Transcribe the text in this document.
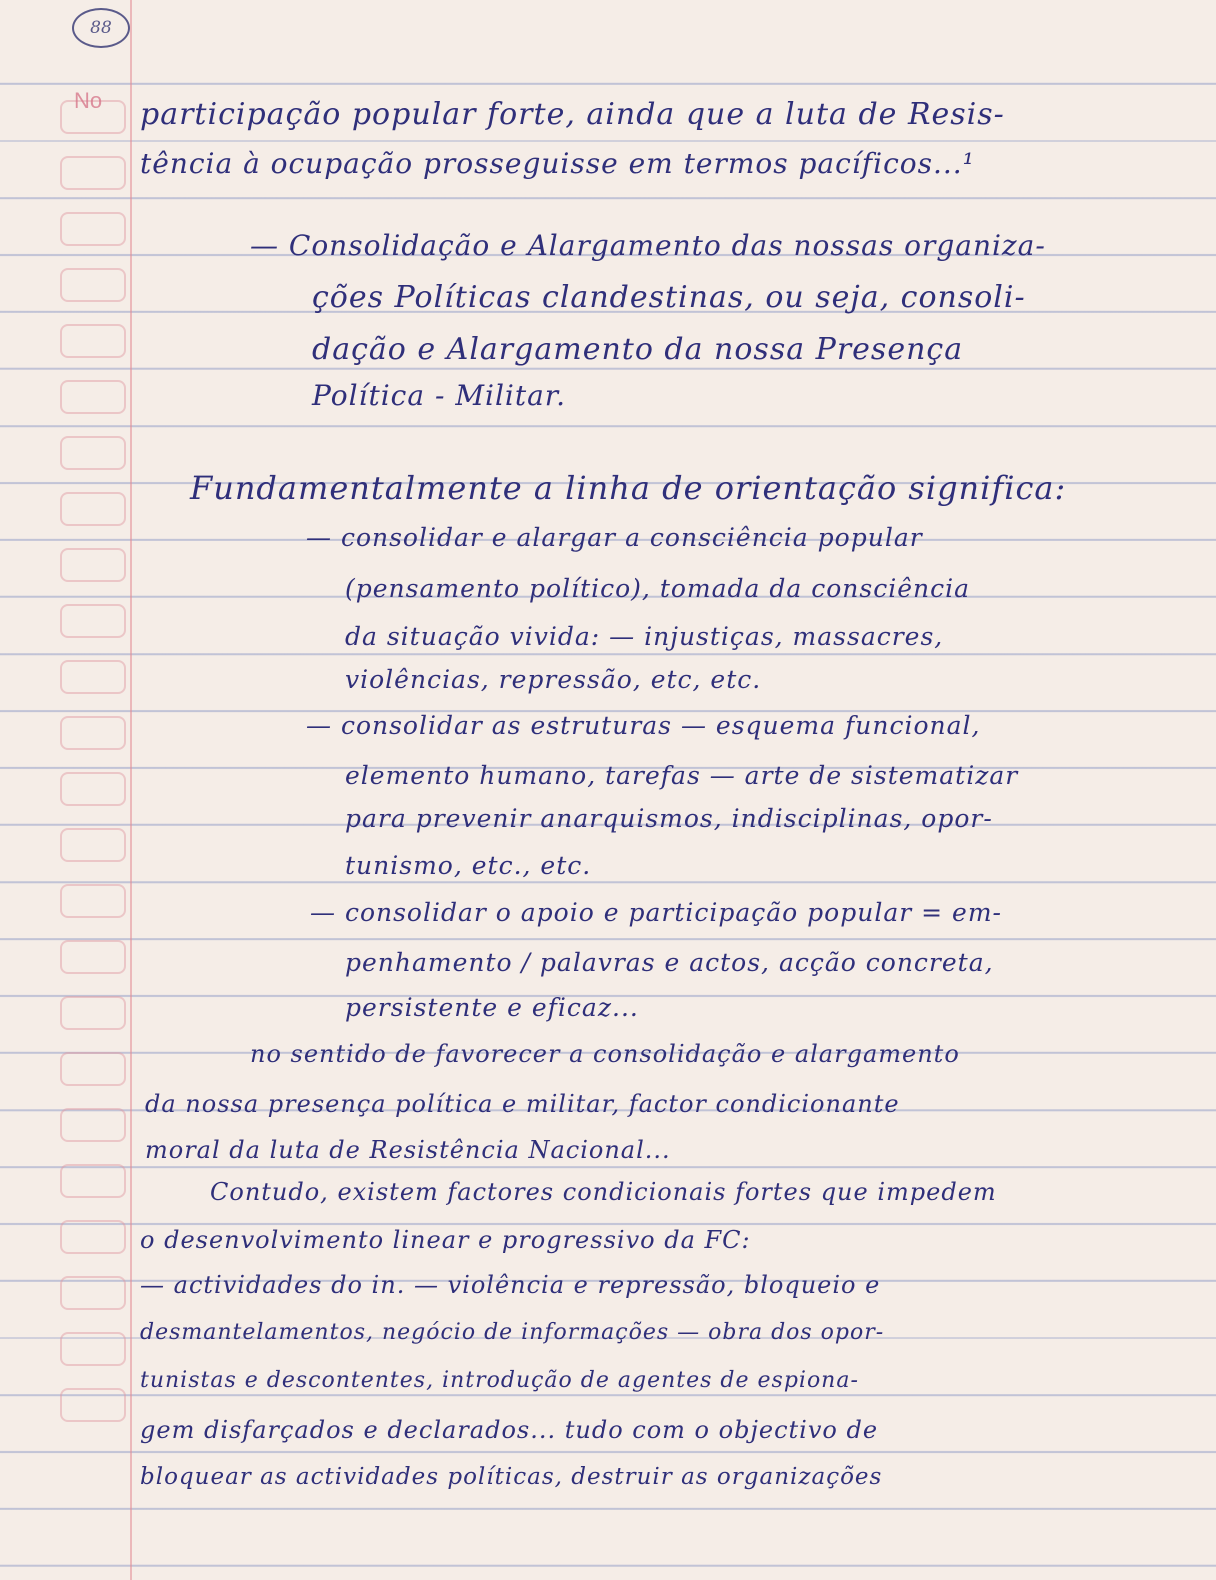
88
No participação popular forte, ainda que a luta de Resis-
tência à ocupação prosseguisse em termos pacíficos...¹
— Consolidação e Alargamento das nossas organiza-
ções Políticas clandestinas, ou seja, consoli-
dação e Alargamento da nossa Presença
Política - Militar.
Fundamentalmente a linha de orientação significa:
— consolidar e alargar a consciência popular
(pensamento político), tomada da consciência
da situação vivida: — injustiças, massacres,
violências, repressão, etc, etc.
— consolidar as estruturas — esquema funcional,
elemento humano, tarefas — arte de sistematizar
para prevenir anarquismos, indisciplinas, opor-
tunismo, etc., etc.
— consolidar o apoio e participação popular = em-
penhamento / palavras e actos, acção concreta,
persistente e eficaz...
no sentido de favorecer a consolidação e alargamento
da nossa presença política e militar, factor condicionante
moral da luta de Resistência Nacional...
Contudo, existem factores condicionais fortes que impedem
o desenvolvimento linear e progressivo da FC:
— actividades do in. — violência e repressão, bloqueio e
desmantelamentos, negócio de informações — obra dos opor-
tunistas e descontentes, introdução de agentes de espiona-
gem disfarçados e declarados... tudo com o objectivo de
bloquear as actividades políticas, destruir as organizações
